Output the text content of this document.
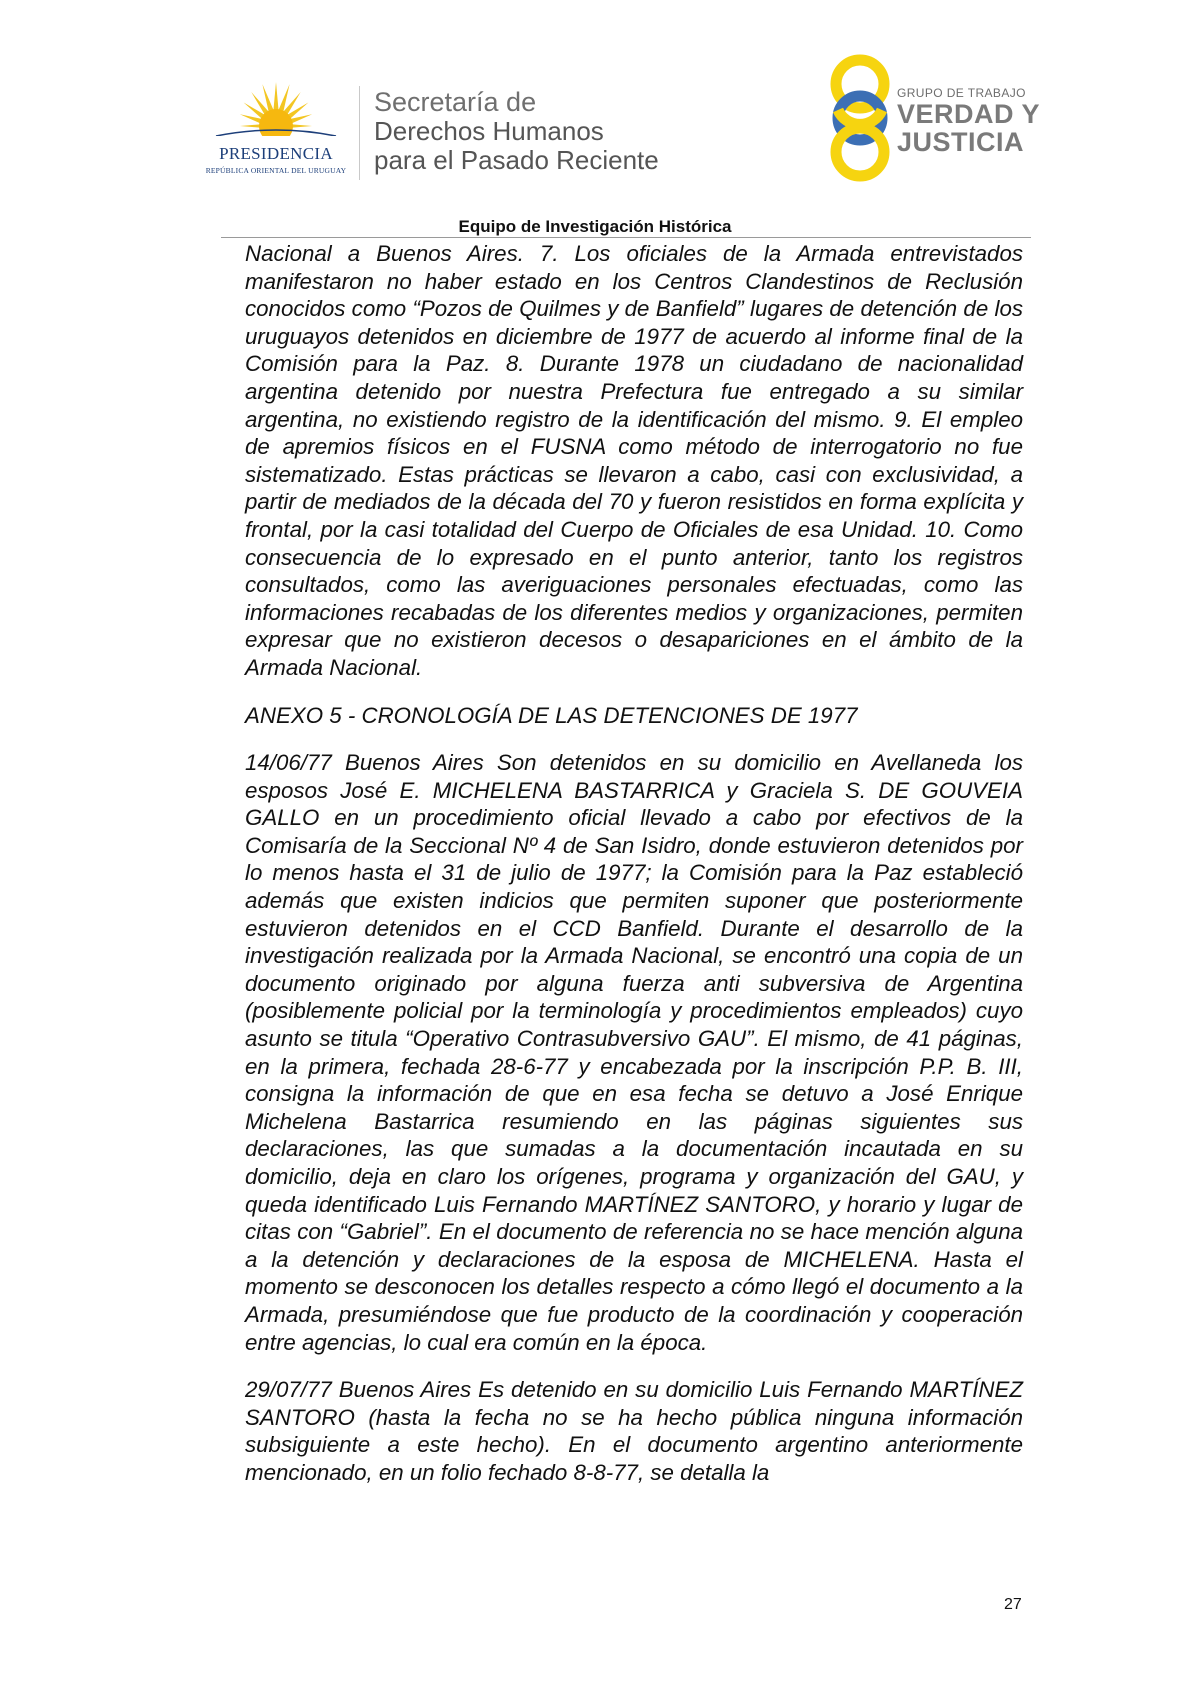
PRESIDENCIA
REPÚBLICA ORIENTAL DEL URUGUAY
Secretaría de
Derechos Humanos
para el Pasado Reciente
GRUPO DE TRABAJO
VERDAD Y
JUSTICIA
Equipo de Investigación Histórica

Nacional a Buenos Aires. 7. Los oficiales de la Armada entrevistados manifestaron no haber estado en los Centros Clandestinos de Reclusión conocidos como “Pozos de Quilmes y de Banfield” lugares de detención de los uruguayos detenidos en diciembre de 1977 de acuerdo al informe final de la Comisión para la Paz. 8. Durante 1978 un ciudadano de nacionalidad argentina detenido por nuestra Prefectura fue entregado a su similar argentina, no existiendo registro de la identificación del mismo. 9. El empleo de apremios físicos en el FUSNA como método de interrogatorio no fue sistematizado. Estas prácticas se llevaron a cabo, casi con exclusividad, a partir de mediados de la década del 70 y fueron resistidos en forma explícita y frontal, por la casi totalidad del Cuerpo de Oficiales de esa Unidad. 10. Como consecuencia de lo expresado en el punto anterior, tanto los registros consultados, como las averiguaciones personales efectuadas, como las informaciones recabadas de los diferentes medios y organizaciones, permiten expresar que no existieron decesos o desapariciones en el ámbito de la Armada Nacional.

ANEXO 5 - CRONOLOGÍA DE LAS DETENCIONES DE 1977

14/06/77 Buenos Aires Son detenidos en su domicilio en Avellaneda los esposos José E. MICHELENA BASTARRICA y Graciela S. DE GOUVEIA GALLO en un procedimiento oficial llevado a cabo por efectivos de la Comisaría de la Seccional Nº 4 de San Isidro, donde estuvieron detenidos por lo menos hasta el 31 de julio de 1977; la Comisión para la Paz estableció además que existen indicios que permiten suponer que posteriormente estuvieron detenidos en el CCD Banfield. Durante el desarrollo de la investigación realizada por la Armada Nacional, se encontró una copia de un documento originado por alguna fuerza anti subversiva de Argentina (posiblemente policial por la terminología y procedimientos empleados) cuyo asunto se titula “Operativo Contrasubversivo GAU”. El mismo, de 41 páginas, en la primera, fechada 28-6-77 y encabezada por la inscripción P.P. B. III, consigna la información de que en esa fecha se detuvo a José Enrique Michelena Bastarrica resumiendo en las páginas siguientes sus declaraciones, las que sumadas a la documentación incautada en su domicilio, deja en claro los orígenes, programa y organización del GAU, y queda identificado Luis Fernando MARTÍNEZ SANTORO, y horario y lugar de citas con “Gabriel”. En el documento de referencia no se hace mención alguna a la detención y declaraciones de la esposa de MICHELENA. Hasta el momento se desconocen los detalles respecto a cómo llegó el documento a la Armada, presumiéndose que fue producto de la coordinación y cooperación entre agencias, lo cual era común en la época.

29/07/77 Buenos Aires Es detenido en su domicilio Luis Fernando MARTÍNEZ SANTORO (hasta la fecha no se ha hecho pública ninguna información subsiguiente a este hecho). En el documento argentino anteriormente mencionado, en un folio fechado 8-8-77, se detalla la

27
